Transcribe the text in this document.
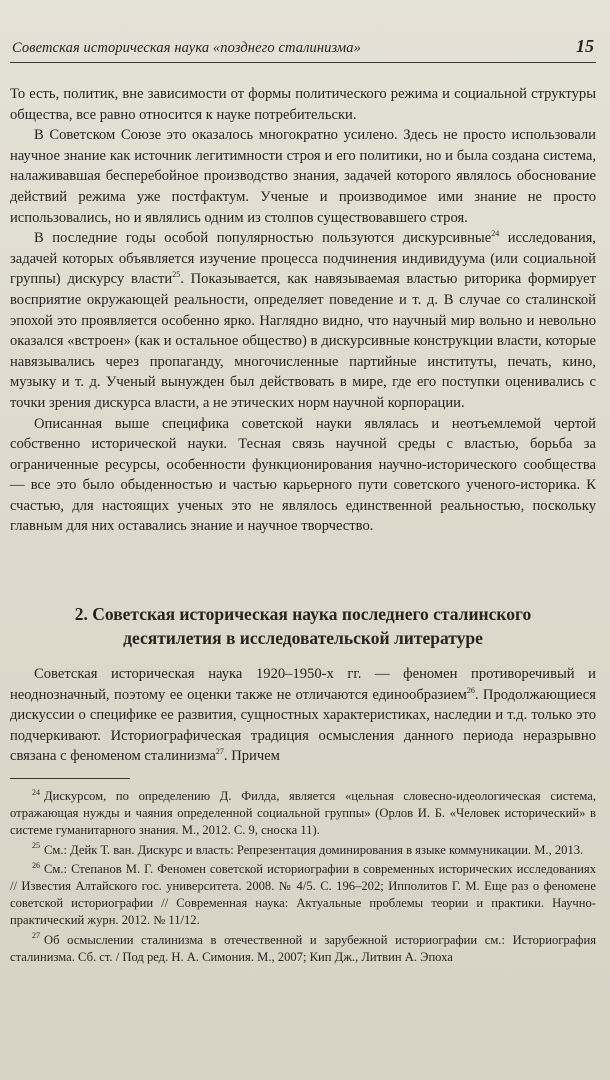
Советская историческая наука «позднего сталинизма»	15

То есть, политик, вне зависимости от формы политического режима и социальной структуры общества, все равно относится к науке потребительски.

В Советском Союзе это оказалось многократно усилено. Здесь не просто использовали научное знание как источник легитимности строя и его политики, но и была создана система, налаживавшая бесперебойное производство знания, задачей которого являлось обоснование действий режима уже постфактум. Ученые и производимое ими знание не просто использовались, но и являлись одним из столпов существовавшего строя.

В последние годы особой популярностью пользуются дискурсивные$^{24}$ исследования, задачей которых объявляется изучение процесса подчинения индивидуума (или социальной группы) дискурсу власти$^{25}$. Показывается, как навязываемая властью риторика формирует восприятие окружающей реальности, определяет поведение и т. д. В случае со сталинской эпохой это проявляется особенно ярко. Наглядно видно, что научный мир вольно и невольно оказался «встроен» (как и остальное общество) в дискурсивные конструкции власти, которые навязывались через пропаганду, многочисленные партийные институты, печать, кино, музыку и т. д. Ученый вынужден был действовать в мире, где его поступки оценивались с точки зрения дискурса власти, а не этических норм научной корпорации.

Описанная выше специфика советской науки являлась и неотъемлемой чертой собственно исторической науки. Тесная связь научной среды с властью, борьба за ограниченные ресурсы, особенности функционирования научно-исторического сообщества — все это было обыденностью и частью карьерного пути советского ученого-историка. К счастью, для настоящих ученых это не являлось единственной реальностью, поскольку главным для них оставались знание и научное творчество.

2. Советская историческая наука последнего сталинского
десятилетия в исследовательской литературе

Советская историческая наука 1920–1950-х гг. — феномен противоречивый и неоднозначный, поэтому ее оценки также не отличаются единообразием$^{26}$. Продолжающиеся дискуссии о специфике ее развития, сущностных характеристиках, наследии и т.д. только это подчеркивают. Историографическая традиция осмысления данного периода неразрывно связана с феноменом сталинизма$^{27}$. Причем

$^{24}$ Дискурсом, по определению Д. Филда, является «цельная словесно-идеологическая система, отражающая нужды и чаяния определенной социальной группы» (Орлов И. Б. «Человек исторический» в системе гуманитарного знания. М., 2012. С. 9, сноска 11).

$^{25}$ См.: Дейк Т. ван. Дискурс и власть: Репрезентация доминирования в языке коммуникации. М., 2013.

$^{26}$ См.: Степанов М. Г. Феномен советской историографии в современных исторических исследованиях // Известия Алтайского гос. университета. 2008. № 4/5. С. 196–202; Ипполитов Г. М. Еще раз о феномене советской историографии // Современная наука: Актуальные проблемы теории и практики. Научно-практический журн. 2012. № 11/12.

$^{27}$ Об осмыслении сталинизма в отечественной и зарубежной историографии см.: Историография сталинизма. Сб. ст. / Под ред. Н. А. Симония. М., 2007; Кип Дж., Литвин А. Эпоха
